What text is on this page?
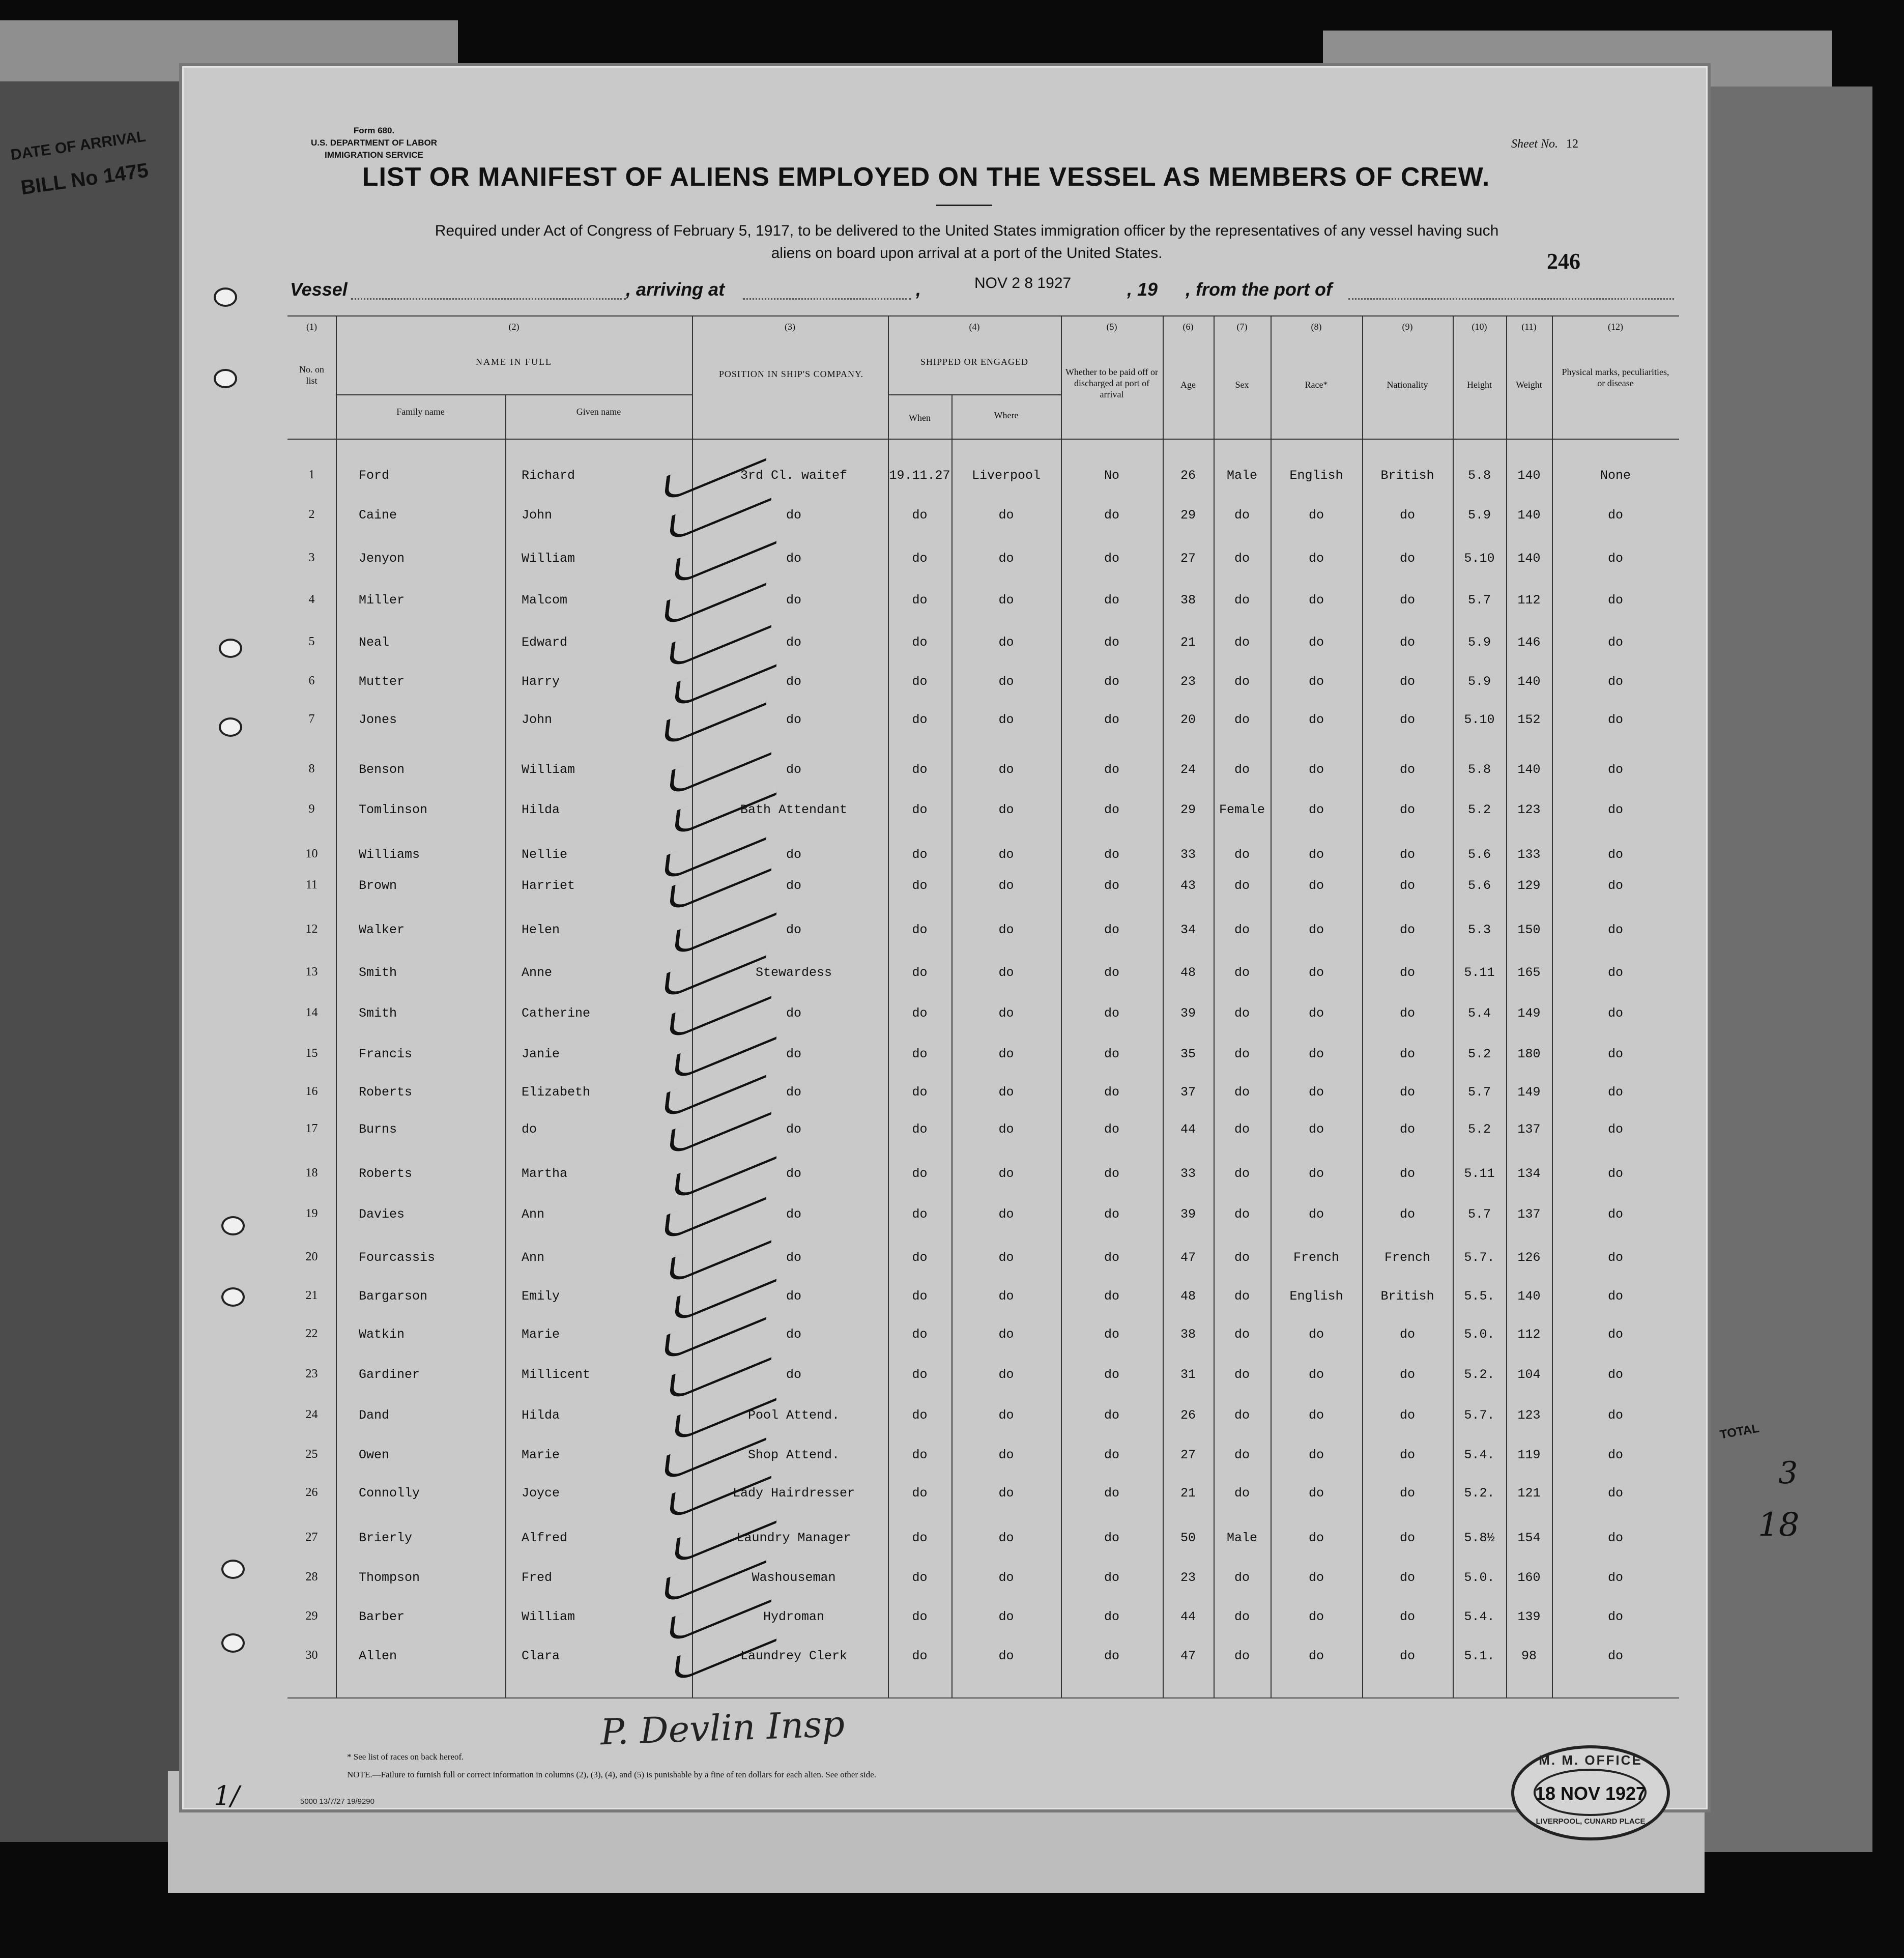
DATE OF ARRIVAL
BILL No 1475
TOTAL
Form 680.
U.S. DEPARTMENT OF LABOR
IMMIGRATION SERVICE
Sheet No. 12
LIST OR MANIFEST OF ALIENS EMPLOYED ON THE VESSEL AS MEMBERS OF CREW.
Required under Act of Congress of February 5, 1917, to be delivered to the United States immigration officer by the representatives of any vessel having such
aliens on board upon arrival at a port of the United States.	246
Vessel	, arriving at	,	NOV 2 8 1927	, 19 , from the port of
(1)	(2)	(3)	(4)	(5)	(6)	(7)	(8)	(9)	(10)	(11)	(12)
No. on list
NAME IN FULL
Family name	Given name
POSITION IN SHIP'S COMPANY.
SHIPPED OR ENGAGED
When	Where
Whether to be paid off or discharged at port of arrival
Age	Sex	Race*	Nationality	Height	Weight
Physical marks, peculiarities, or disease
1	Ford	Richard	3rd Cl. waitef	19.11.27	Liverpool	No	26	Male	English	British	5.8	140	None
2	Caine	John	do	do	do	do	29	do	do	do	5.9	140	do
3	Jenyon	William	do	do	do	do	27	do	do	do	5.10	140	do
4	Miller	Malcom	do	do	do	do	38	do	do	do	5.7	112	do
5	Neal	Edward	do	do	do	do	21	do	do	do	5.9	146	do
6	Mutter	Harry	do	do	do	do	23	do	do	do	5.9	140	do
7	Jones	John	do	do	do	do	20	do	do	do	5.10	152	do
8	Benson	William	do	do	do	do	24	do	do	do	5.8	140	do
9	Tomlinson	Hilda	Bath Attendant	do	do	do	29	Female	do	do	5.2	123	do
10	Williams	Nellie	do	do	do	do	33	do	do	do	5.6	133	do
11	Brown	Harriet	do	do	do	do	43	do	do	do	5.6	129	do
12	Walker	Helen	do	do	do	do	34	do	do	do	5.3	150	do
13	Smith	Anne	Stewardess	do	do	do	48	do	do	do	5.11	165	do
14	Smith	Catherine	do	do	do	do	39	do	do	do	5.4	149	do
15	Francis	Janie	do	do	do	do	35	do	do	do	5.2	180	do
16	Roberts	Elizabeth	do	do	do	do	37	do	do	do	5.7	149	do
17	Burns	do	do	do	do	do	44	do	do	do	5.2	137	do
18	Roberts	Martha	do	do	do	do	33	do	do	do	5.11	134	do
19	Davies	Ann	do	do	do	do	39	do	do	do	5.7	137	do
20	Fourcassis	Ann	do	do	do	do	47	do	French	French	5.7.	126	do
21	Bargarson	Emily	do	do	do	do	48	do	English	British	5.5.	140	do
22	Watkin	Marie	do	do	do	do	38	do	do	do	5.0.	112	do
23	Gardiner	Millicent	do	do	do	do	31	do	do	do	5.2.	104	do
24	Dand	Hilda	Pool Attend.	do	do	do	26	do	do	do	5.7.	123	do
25	Owen	Marie	Shop Attend.	do	do	do	27	do	do	do	5.4.	119	do
26	Connolly	Joyce	Lady Hairdresser	do	do	do	21	do	do	do	5.2.	121	do
27	Brierly	Alfred	Laundry Manager	do	do	do	50	Male	do	do	5.8½	154	do
28	Thompson	Fred	Washouseman	do	do	do	23	do	do	do	5.0.	160	do
29	Barber	William	Hydroman	do	do	do	44	do	do	do	5.4.	139	do
30	Allen	Clara	Laundrey Clerk	do	do	do	47	do	do	do	5.1.	98	do
P. Devlin Insp
* See list of races on back hereof.
NOTE.—Failure to furnish full or correct information in columns (2), (3), (4), and (5) is punishable by a fine of ten dollars for each alien. See other side.
5000 13/7/27 19/9290
M. M. OFFICE
18 NOV 1927
LIVERPOOL, CUNARD PLACE
3
18
1/
